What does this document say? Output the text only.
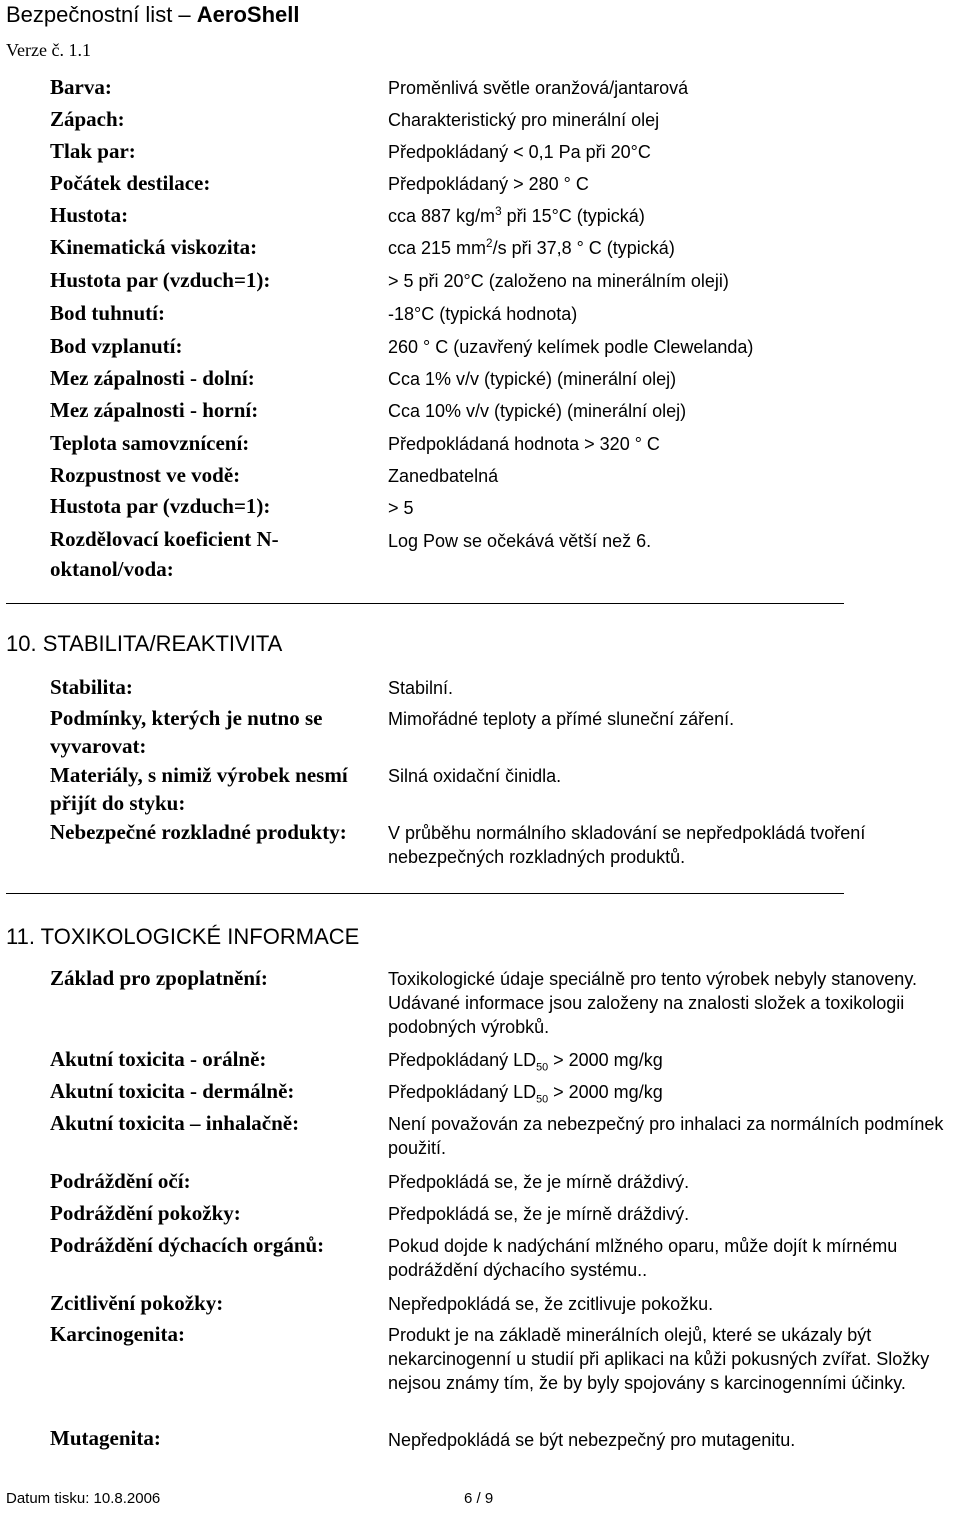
Bezpečnostní list – AeroShell
Verze č. 1.1
Barva:	Proměnlivá světle oranžová/jantarová
Zápach:	Charakteristický pro minerální olej
Tlak par:	Předpokládaný < 0,1 Pa při 20°C
Počátek destilace:	Předpokládaný > 280 ° C
Hustota:	cca 887 $kg/m^3$ při 15°C (typická)
Kinematická viskozita:	cca 215 $mm^2/s$ při 37,8 ° C (typická)
Hustota par (vzduch=1):	> 5 při 20°C (založeno na minerálním oleji)
Bod tuhnutí:	-18°C (typická hodnota)
Bod vzplanutí:	260 ° C (uzavřený kelímek podle Clewelanda)
Mez zápalnosti - dolní:	Cca 1% v/v (typické) (minerální olej)
Mez zápalnosti - horní:	Cca 10% v/v (typické) (minerální olej)
Teplota samovznícení:	Předpokládaná hodnota > 320 ° C
Rozpustnost ve vodě:	Zanedbatelná
Hustota par (vzduch=1):	> 5
Rozdělovací koeficient N-oktanol/voda:
Log Pow se očekává větší než 6.
10. STABILITA/REAKTIVITA
Stabilita:	Stabilní.
Podmínky, kterých je nutno se vyvarovat:
Mimořádné teploty a přímé sluneční záření.
Materiály, s nimiž výrobek nesmí přijít do styku:
Silná oxidační činidla.
Nebezpečné rozkladné produkty:	V průběhu normálního skladování se nepředpokládá tvoření nebezpečných rozkladných produktů.
11. TOXIKOLOGICKÉ INFORMACE
Základ pro zpoplatnění:	Toxikologické údaje speciálně pro tento výrobek nebyly stanoveny. Udávané informace jsou založeny na znalosti složek a toxikologii podobných výrobků.
Akutní toxicita - orálně:	Předpokládaný $LD_{50} > 2000$ mg/kg
Akutní toxicita - dermálně:	Předpokládaný $LD_{50} > 2000$ mg/kg
Akutní toxicita – inhalačně:	Není považován za nebezpečný pro inhalaci za normálních podmínek použití.
Podráždění očí:	Předpokládá se, že je mírně dráždivý.
Podráždění pokožky:	Předpokládá se, že je mírně dráždivý.
Podráždění dýchacích orgánů:	Pokud dojde k nadýchání mlžného oparu, může dojít k mírnému podráždění dýchacího systému..
Zcitlivění pokožky:	Nepředpokládá se, že zcitlivuje pokožku.
Karcinogenita:	Produkt je na základě minerálních olejů, které se ukázaly být nekarcinogenní u studií při aplikaci na kůži pokusných zvířat. Složky nejsou známy tím, že by byly spojovány s karcinogenními účinky.
Mutagenita:	Nepředpokládá se být nebezpečný pro mutagenitu.
Datum tisku: 10.8.2006	6 / 9
